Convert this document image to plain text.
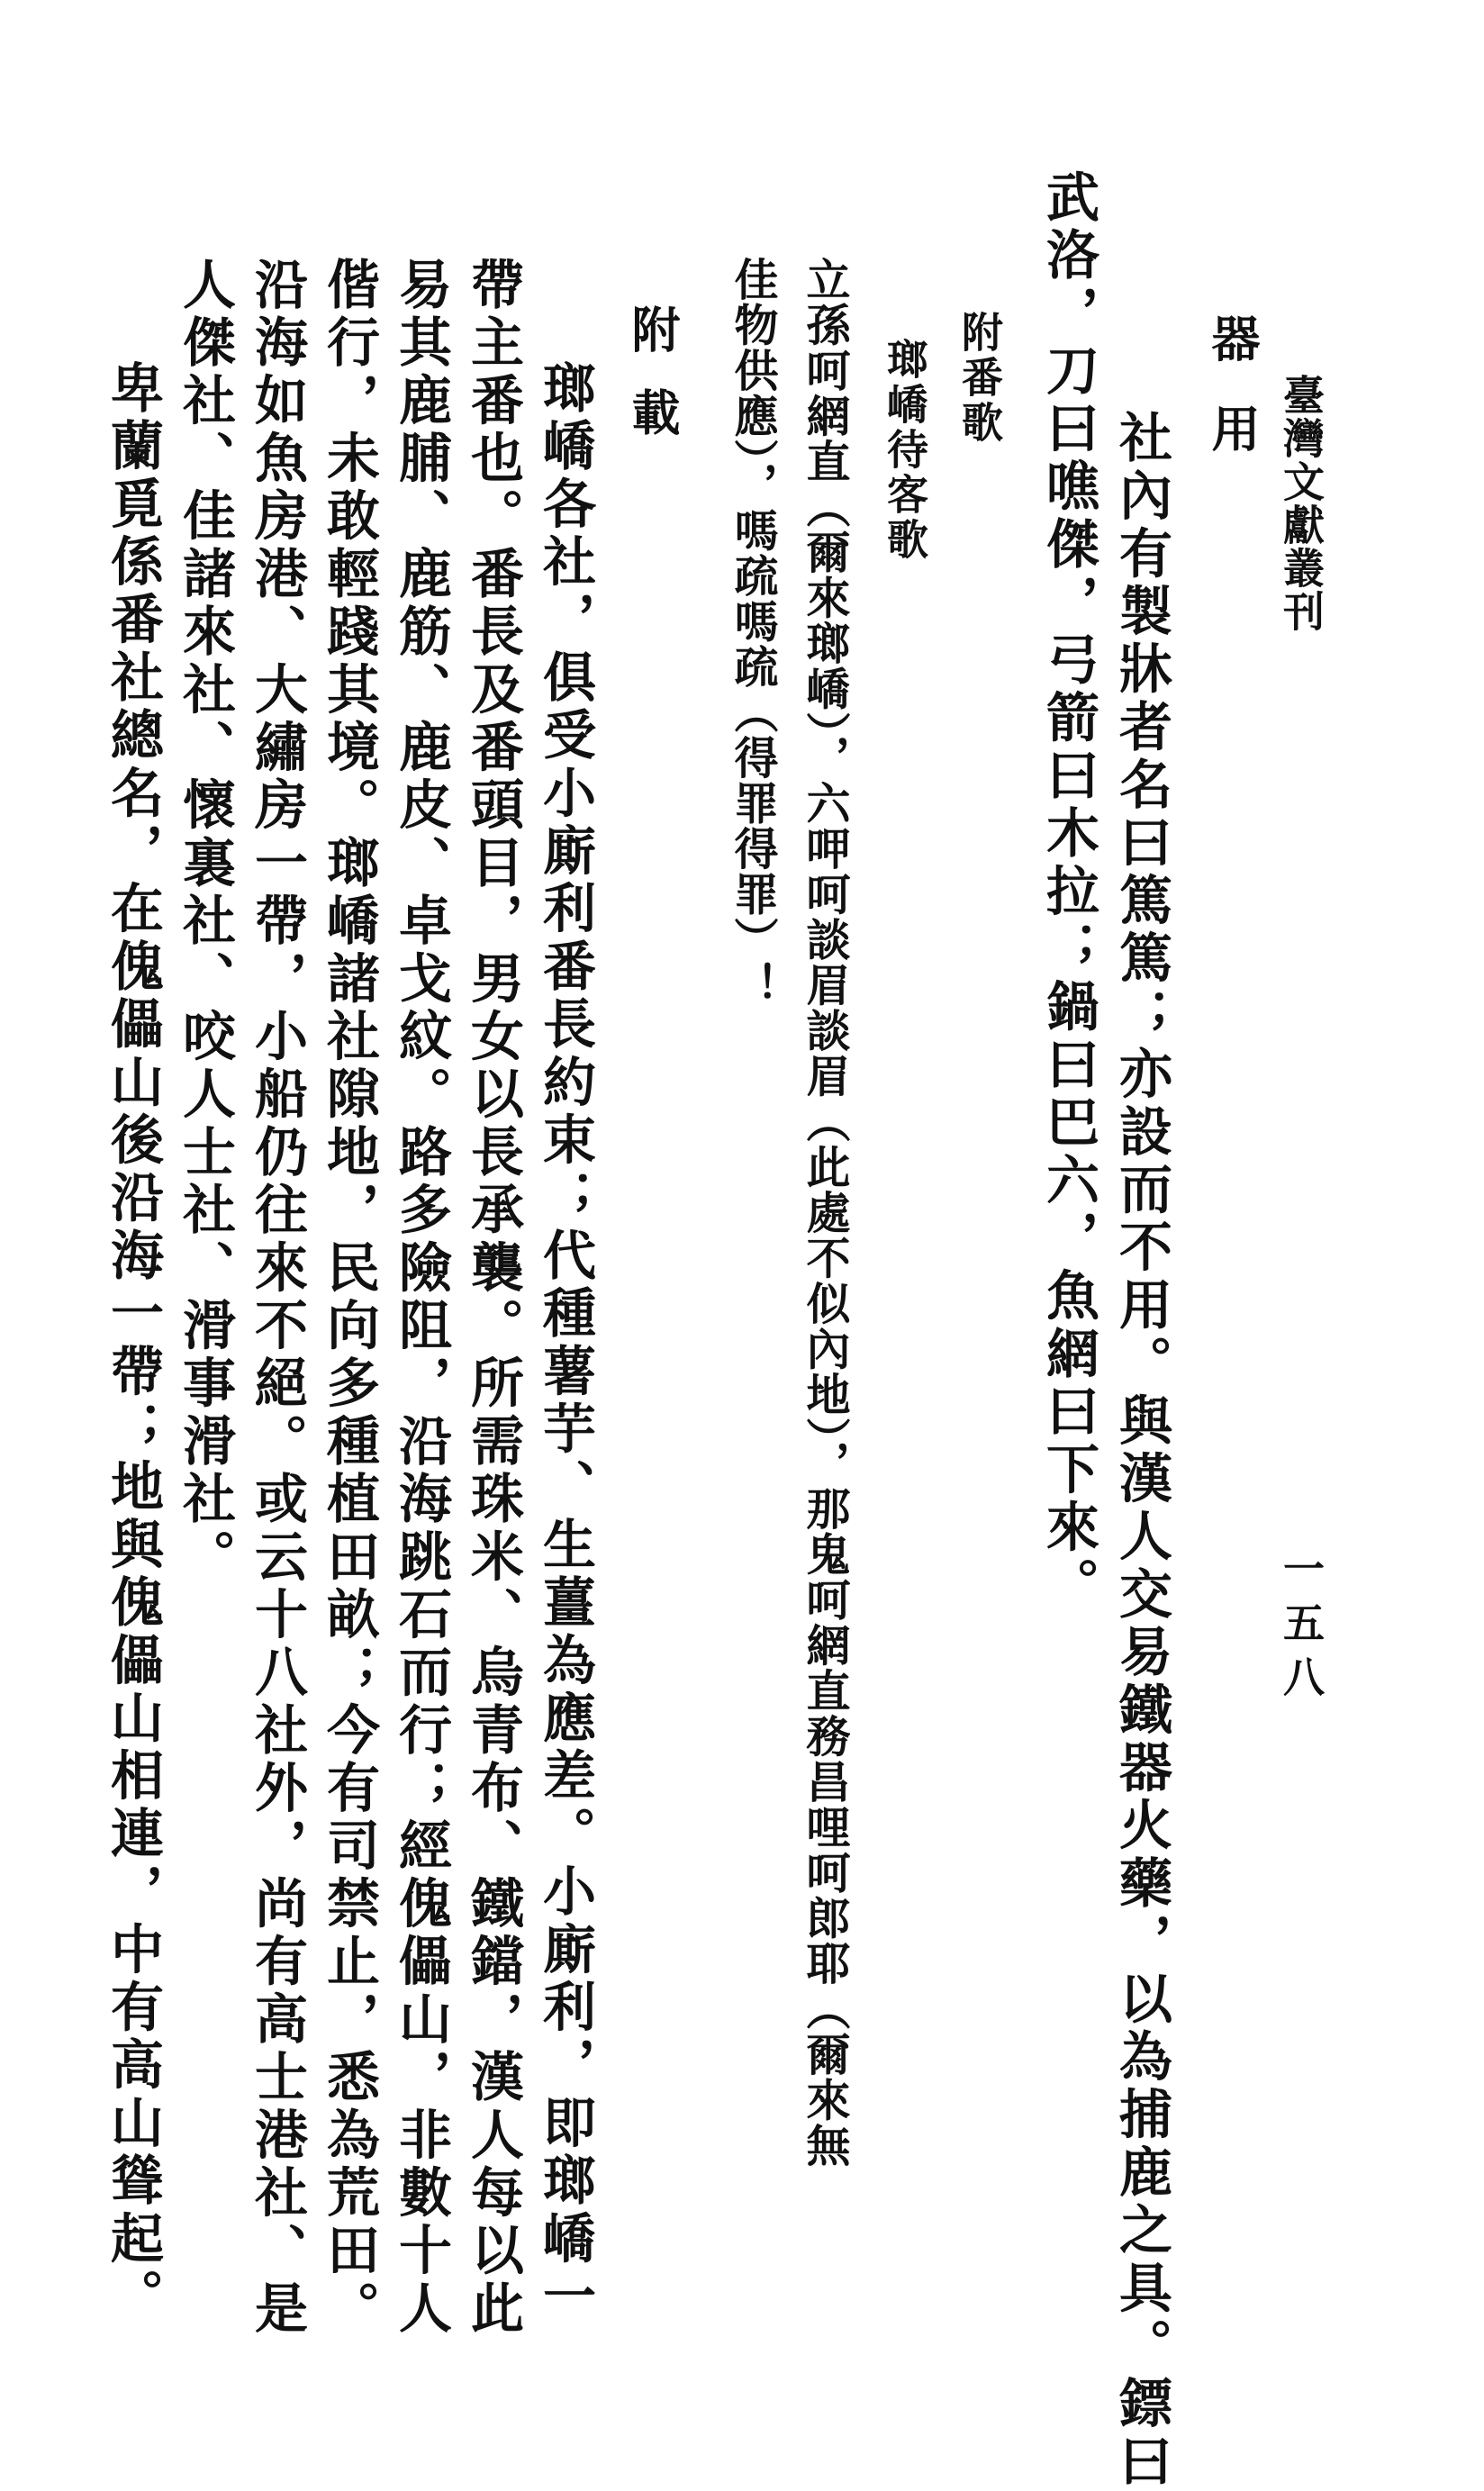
臺灣文獻叢刊
一五八
器用
社內有製牀者名曰篤篤；亦設而不用。與漢人交易鐵器火藥，以為捕鹿之具。鏢曰
武洛，刀曰噍傑，弓箭曰木拉；鍋曰巴六，魚網曰下來。
附番歌
瑯嶠待客歌
立孫呵網直（爾來瑯嶠），六呷呵談眉談眉（此處不似內地），那鬼呵網直務昌哩呵郎耶（爾來無
佳物供應），嗎疏嗎疏（得罪得罪）！
附載
瑯嶠各社，俱受小廝利番長約束；代種薯芋、生薑為應差。小廝利，即瑯嶠一
帶主番也。番長及番頭目，男女以長承襲。所需珠米、烏青布、鐵鐺，漢人每以此
易其鹿脯、鹿筋、鹿皮、卓戈紋。路多險阻，沿海跳石而行；經傀儡山，非數十人
偕行，未敢輕踐其境。瑯嶠諸社隙地，民向多種植田畝；今有司禁止，悉為荒田。
沿海如魚房港、大繡房一帶，小船仍往來不絕。或云十八社外，尚有高士港社、是
人傑社、佳諸來社、懷裏社、咬人士社、滑事滑社。
卑蘭覓係番社總名，在傀儡山後沿海一帶；地與傀儡山相連，中有高山聳起。
